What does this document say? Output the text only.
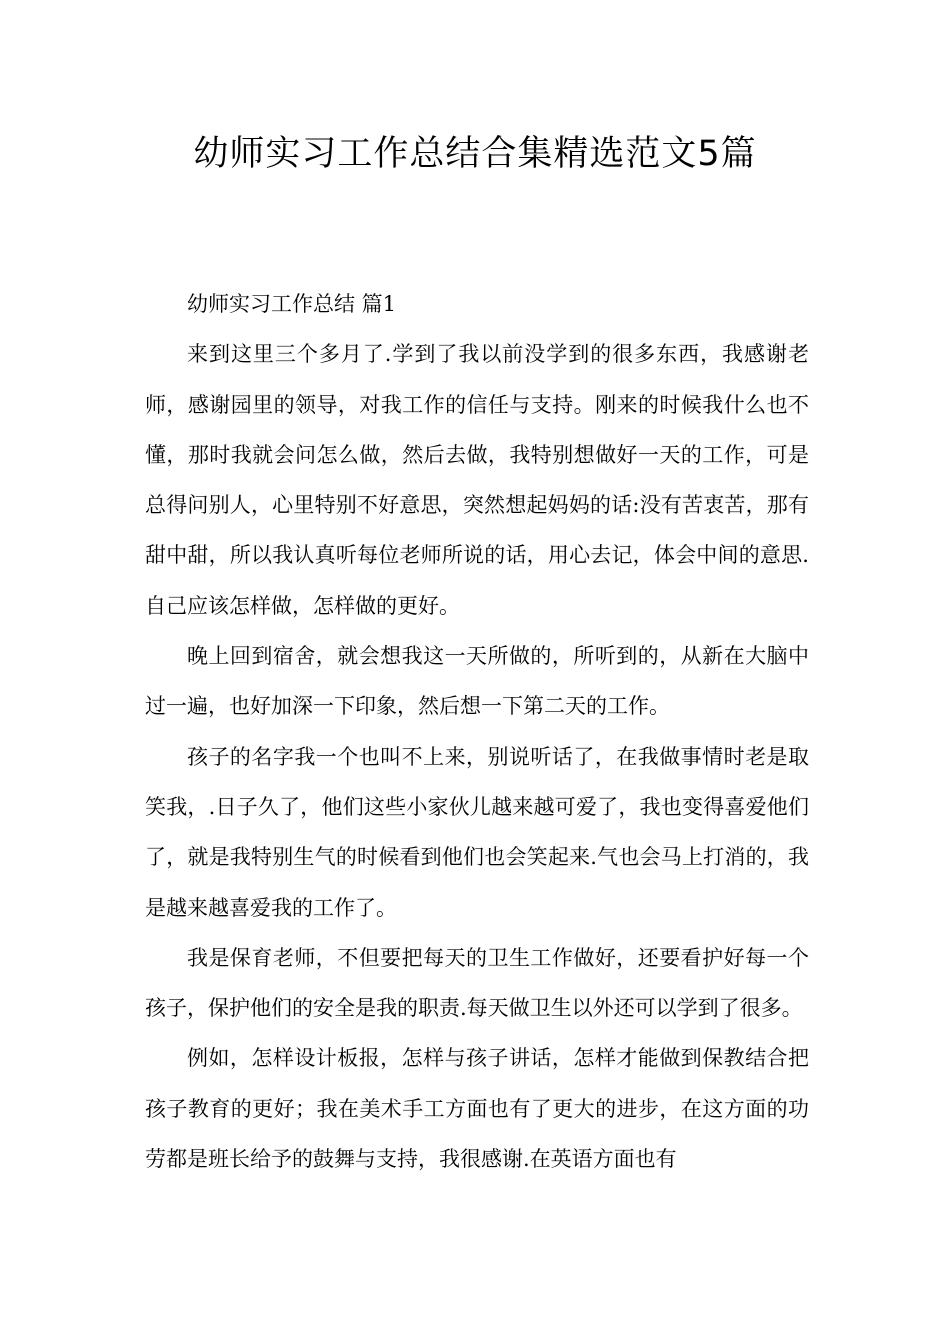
幼师实习工作总结合集精选范文5篇

幼师实习工作总结 篇1

来到这里三个多月了.学到了我以前没学到的很多东西，我感谢老师，感谢园里的领导，对我工作的信任与支持。刚来的时候我什么也不懂，那时我就会问怎么做，然后去做，我特别想做好一天的工作，可是总得问别人，心里特别不好意思，突然想起妈妈的话:没有苦衷苦，那有甜中甜，所以我认真听每位老师所说的话，用心去记，体会中间的意思.自己应该怎样做，怎样做的更好。

晚上回到宿舍，就会想我这一天所做的，所听到的，从新在大脑中过一遍，也好加深一下印象，然后想一下第二天的工作。

孩子的名字我一个也叫不上来，别说听话了，在我做事情时老是取笑我，.日子久了，他们这些小家伙儿越来越可爱了，我也变得喜爱他们了，就是我特别生气的时候看到他们也会笑起来.气也会马上打消的，我是越来越喜爱我的工作了。

我是保育老师，不但要把每天的卫生工作做好，还要看护好每一个孩子，保护他们的安全是我的职责.每天做卫生以外还可以学到了很多。

例如，怎样设计板报，怎样与孩子讲话，怎样才能做到保教结合把孩子教育的更好；我在美术手工方面也有了更大的进步，在这方面的功劳都是班长给予的鼓舞与支持，我很感谢.在英语方面也有
